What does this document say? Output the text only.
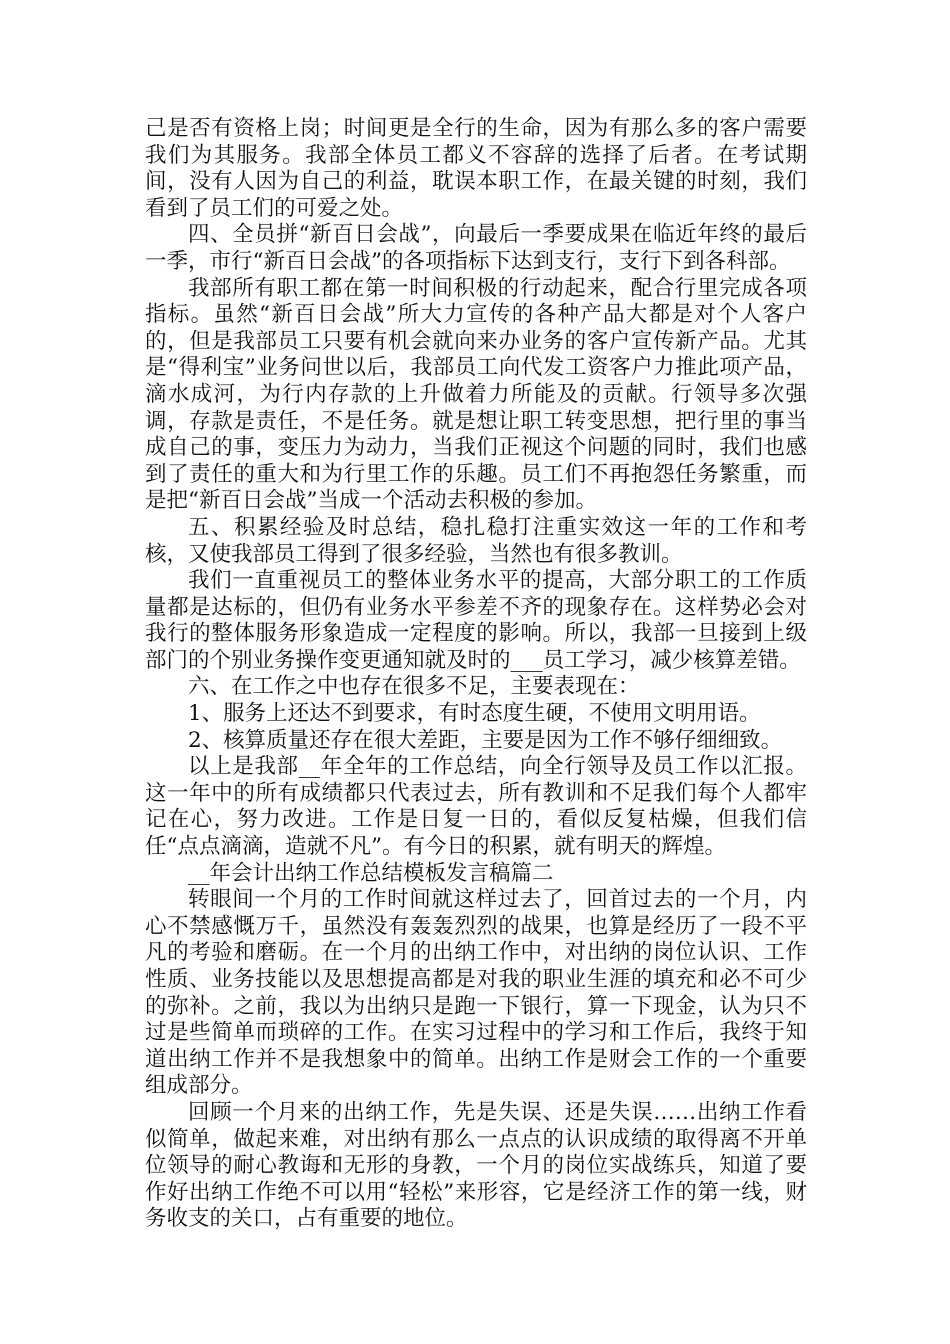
己是否有资格上岗；时间更是全行的生命，因为有那么多的客户需要我们为其服务。我部全体员工都义不容辞的选择了后者。在考试期间，没有人因为自己的利益，耽误本职工作，在最关键的时刻，我们看到了员工们的可爱之处。

四、全员拼“新百日会战”，向最后一季要成果在临近年终的最后一季，市行“新百日会战”的各项指标下达到支行，支行下到各科部。

我部所有职工都在第一时间积极的行动起来，配合行里完成各项指标。虽然“新百日会战”所大力宣传的各种产品大都是对个人客户的，但是我部员工只要有机会就向来办业务的客户宣传新产品。尤其是“得利宝”业务问世以后，我部员工向代发工资客户力推此项产品，滴水成河，为行内存款的上升做着力所能及的贡献。行领导多次强调，存款是责任，不是任务。就是想让职工转变思想，把行里的事当成自己的事，变压力为动力，当我们正视这个问题的同时，我们也感到了责任的重大和为行里工作的乐趣。员工们不再抱怨任务繁重，而是把“新百日会战”当成一个活动去积极的参加。

五、积累经验及时总结，稳扎稳打注重实效这一年的工作和考核，又使我部员工得到了很多经验，当然也有很多教训。

我们一直重视员工的整体业务水平的提高，大部分职工的工作质量都是达标的，但仍有业务水平参差不齐的现象存在。这样势必会对我行的整体服务形象造成一定程度的影响。所以，我部一旦接到上级部门的个别业务操作变更通知就及时的___员工学习，减少核算差错。

六、在工作之中也存在很多不足，主要表现在：

1、服务上还达不到要求，有时态度生硬，不使用文明用语。

2、核算质量还存在很大差距，主要是因为工作不够仔细细致。

以上是我部__年全年的工作总结，向全行领导及员工作以汇报。这一年中的所有成绩都只代表过去，所有教训和不足我们每个人都牢记在心，努力改进。工作是日复一日的，看似反复枯燥，但我们信任“点点滴滴，造就不凡”。有今日的积累，就有明天的辉煌。

__年会计出纳工作总结模板发言稿篇二

转眼间一个月的工作时间就这样过去了，回首过去的一个月，内心不禁感慨万千，虽然没有轰轰烈烈的战果，也算是经历了一段不平凡的考验和磨砺。在一个月的出纳工作中，对出纳的岗位认识、工作性质、业务技能以及思想提高都是对我的职业生涯的填充和必不可少的弥补。之前，我以为出纳只是跑一下银行，算一下现金，认为只不过是些简单而琐碎的工作。在实习过程中的学习和工作后，我终于知道出纳工作并不是我想象中的简单。出纳工作是财会工作的一个重要组成部分。

回顾一个月来的出纳工作，先是失误、还是失误……出纳工作看似简单，做起来难，对出纳有那么一点点的认识成绩的取得离不开单位领导的耐心教诲和无形的身教，一个月的岗位实战练兵，知道了要作好出纳工作绝不可以用“轻松”来形容，它是经济工作的第一线，财务收支的关口，占有重要的地位。
